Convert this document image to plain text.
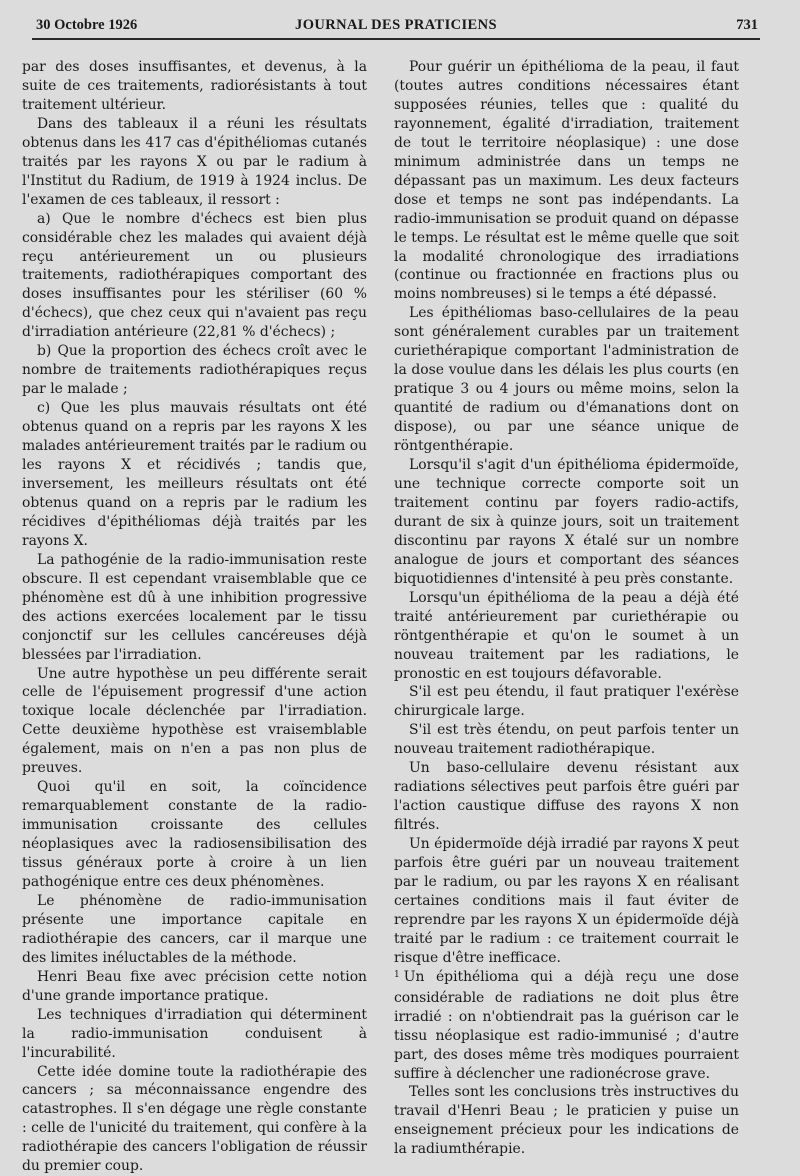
30 Octobre 1926	JOURNAL DES PRATICIENS	731

par des doses insuffisantes, et devenus, à la suite de ces traitements, radiorésistants à tout traitement ultérieur.

Dans des tableaux il a réuni les résultats obtenus dans les 417 cas d'épithéliomas cutanés traités par les rayons X ou par le radium à l'Institut du Radium, de 1919 à 1924 inclus. De l'examen de ces tableaux, il ressort :

a) Que le nombre d'échecs est bien plus considérable chez les malades qui avaient déjà reçu antérieurement un ou plusieurs traitements, radiothérapiques comportant des doses insuffisantes pour les stériliser (60 % d'échecs), que chez ceux qui n'avaient pas reçu d'irradiation antérieure (22,81 % d'échecs) ;

b) Que la proportion des échecs croît avec le nombre de traitements radiothérapiques reçus par le malade ;

c) Que les plus mauvais résultats ont été obtenus quand on a repris par les rayons X les malades antérieurement traités par le radium ou les rayons X et récidivés ; tandis que, inversement, les meilleurs résultats ont été obtenus quand on a repris par le radium les récidives d'épithéliomas déjà traités par les rayons X.

La pathogénie de la radio-immunisation reste obscure. Il est cependant vraisemblable que ce phénomène est dû à une inhibition progressive des actions exercées localement par le tissu conjonctif sur les cellules cancéreuses déjà blessées par l'irradiation.

Une autre hypothèse un peu différente serait celle de l'épuisement progressif d'une action toxique locale déclenchée par l'irradiation. Cette deuxième hypothèse est vraisemblable également, mais on n'en a pas non plus de preuves.

Quoi qu'il en soit, la coïncidence remarquablement constante de la radio-immunisation croissante des cellules néoplasiques avec la radiosensibilisation des tissus généraux porte à croire à un lien pathogénique entre ces deux phénomènes.

Le phénomène de radio-immunisation présente une importance capitale en radiothérapie des cancers, car il marque une des limites inéluctables de la méthode.

Henri Beau fixe avec précision cette notion d'une grande importance pratique.

Les techniques d'irradiation qui déterminent la radio-immunisation conduisent à l'incurabilité.

Cette idée domine toute la radiothérapie des cancers ; sa méconnaissance engendre des catastrophes. Il s'en dégage une règle constante : celle de l'unicité du traitement, qui confère à la radiothérapie des cancers l'obligation de réussir du premier coup.

Pour guérir un épithélioma de la peau, il faut (toutes autres conditions nécessaires étant supposées réunies, telles que : qualité du rayonnement, égalité d'irradiation, traitement de tout le territoire néoplasique) : une dose minimum administrée dans un temps ne dépassant pas un maximum. Les deux facteurs dose et temps ne sont pas indépendants. La radio-immunisation se produit quand on dépasse le temps. Le résultat est le même quelle que soit la modalité chronologique des irradiations (continue ou fractionnée en fractions plus ou moins nombreuses) si le temps a été dépassé.

Les épithéliomas baso-cellulaires de la peau sont généralement curables par un traitement curiethérapique comportant l'administration de la dose voulue dans les délais les plus courts (en pratique 3 ou 4 jours ou même moins, selon la quantité de radium ou d'émanations dont on dispose), ou par une séance unique de röntgenthérapie.

Lorsqu'il s'agit d'un épithélioma épidermoïde, une technique correcte comporte soit un traitement continu par foyers radio-actifs, durant de six à quinze jours, soit un traitement discontinu par rayons X étalé sur un nombre analogue de jours et comportant des séances biquotidiennes d'intensité à peu près constante.

Lorsqu'un épithélioma de la peau a déjà été traité antérieurement par curiethérapie ou röntgenthérapie et qu'on le soumet à un nouveau traitement par les radiations, le pronostic en est toujours défavorable.

S'il est peu étendu, il faut pratiquer l'exérèse chirurgicale large.

S'il est très étendu, on peut parfois tenter un nouveau traitement radiothérapique.

Un baso-cellulaire devenu résistant aux radiations sélectives peut parfois être guéri par l'action caustique diffuse des rayons X non filtrés.

Un épidermoïde déjà irradié par rayons X peut parfois être guéri par un nouveau traitement par le radium, ou par les rayons X en réalisant certaines conditions mais il faut éviter de reprendre par les rayons X un épidermoïde déjà traité par le radium : ce traitement courrait le risque d'être inefficace.

$^1$ Un épithélioma qui a déjà reçu une dose considérable de radiations ne doit plus être irradié : on n'obtiendrait pas la guérison car le tissu néoplasique est radio-immunisé ; d'autre part, des doses même très modiques pourraient suffire à déclencher une radionécrose grave.

Telles sont les conclusions très instructives du travail d'Henri Beau ; le praticien y puise un enseignement précieux pour les indications de la radiumthérapie.
